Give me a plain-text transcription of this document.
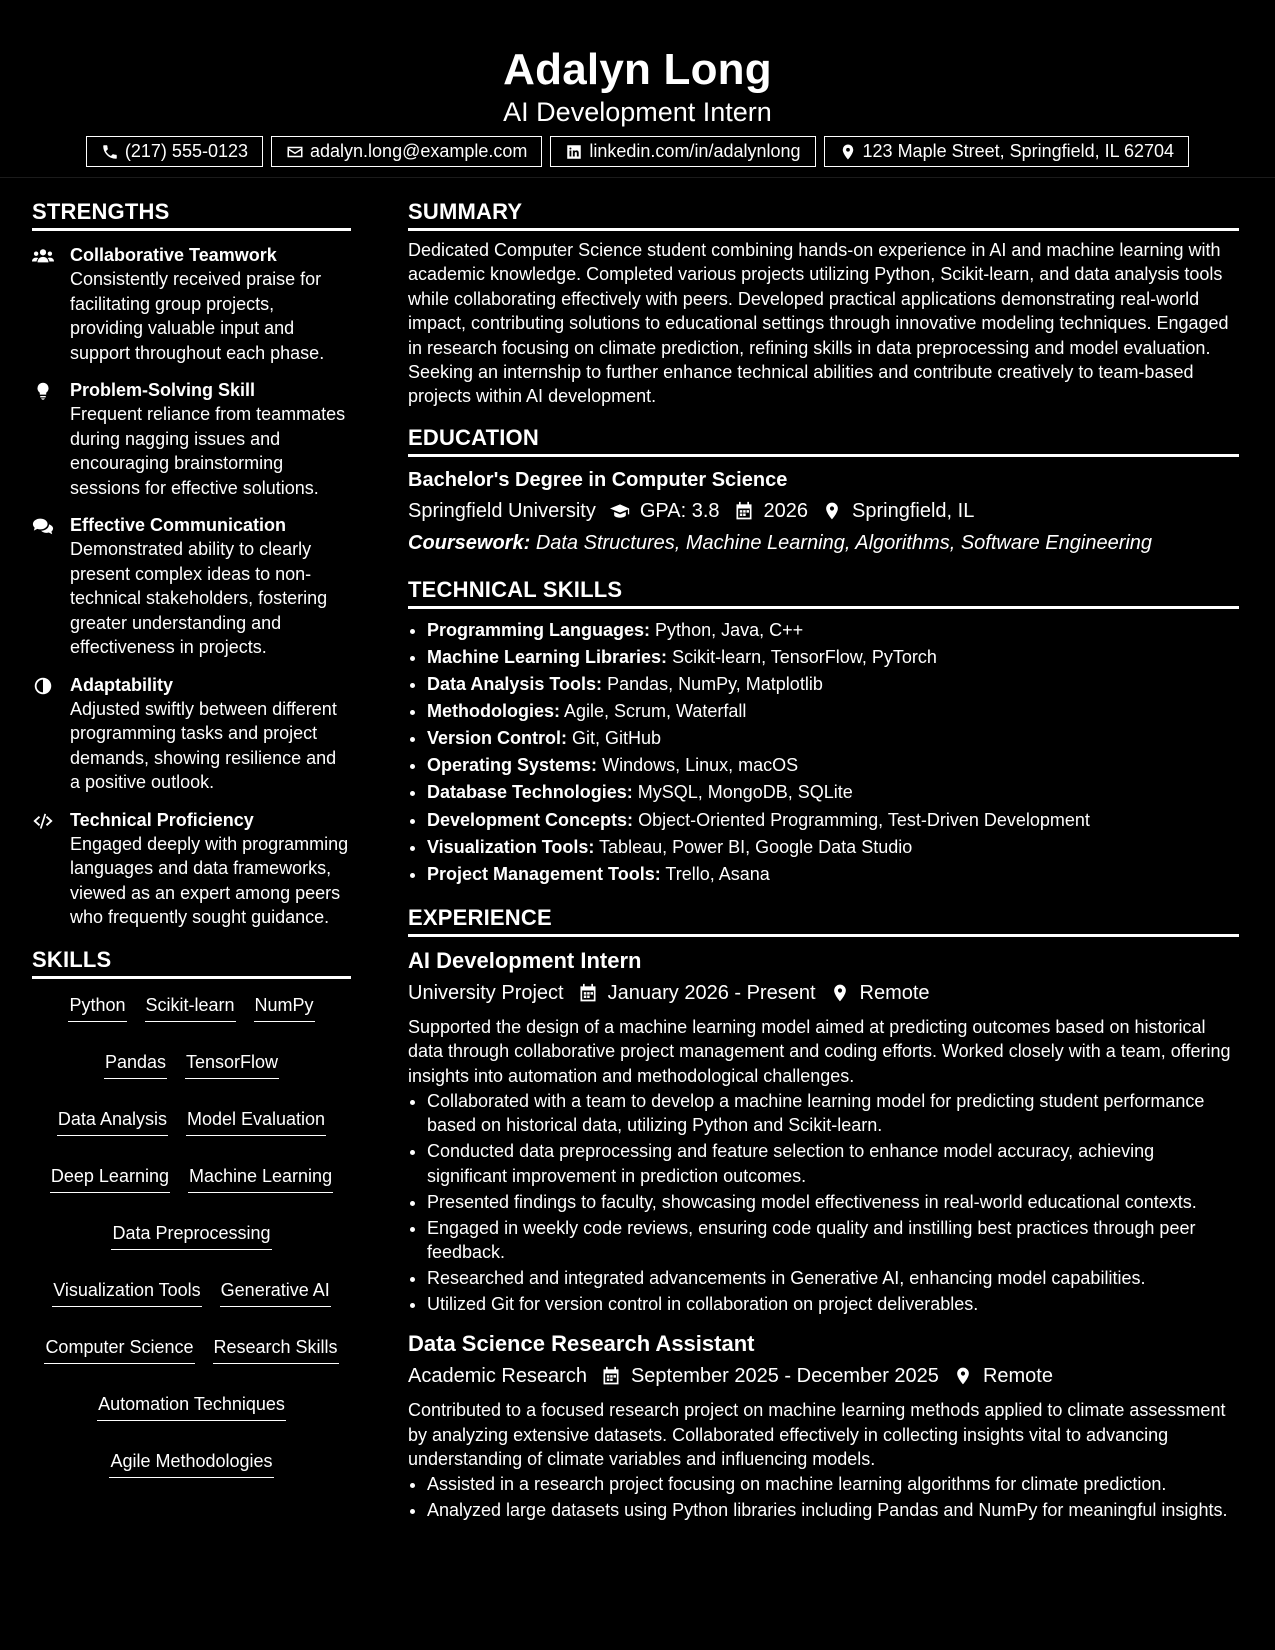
Adalyn Long
AI Development Intern
(217) 555-0123	adalyn.long@example.com	linkedin.com/in/adalynlong	123 Maple Street, Springfield, IL 62704
STRENGTHS
Collaborative Teamwork
Consistently received praise for facilitating group projects, providing valuable input and support throughout each phase.
Problem-Solving Skill
Frequent reliance from teammates during nagging issues and encouraging brainstorming sessions for effective solutions.
Effective Communication
Demonstrated ability to clearly present complex ideas to non-technical stakeholders, fostering greater understanding and effectiveness in projects.
Adaptability
Adjusted swiftly between different programming tasks and project demands, showing resilience and a positive outlook.
Technical Proficiency
Engaged deeply with programming languages and data frameworks, viewed as an expert among peers who frequently sought guidance.
SKILLS
Python Scikit-learn NumPy
Pandas TensorFlow
Data Analysis Model Evaluation
Deep Learning Machine Learning
Data Preprocessing
Visualization Tools Generative AI
Computer Science Research Skills
Automation Techniques
Agile Methodologies
SUMMARY
Dedicated Computer Science student combining hands-on experience in AI and machine learning with academic knowledge. Completed various projects utilizing Python, Scikit-learn, and data analysis tools while collaborating effectively with peers. Developed practical applications demonstrating real-world impact, contributing solutions to educational settings through innovative modeling techniques. Engaged in research focusing on climate prediction, refining skills in data preprocessing and model evaluation. Seeking an internship to further enhance technical abilities and contribute creatively to team-based projects within AI development.
EDUCATION
Bachelor's Degree in Computer Science
Springfield University GPA: 3.8 2026 Springfield, IL
Coursework: Data Structures, Machine Learning, Algorithms, Software Engineering
TECHNICAL SKILLS
• Programming Languages: Python, Java, C++
• Machine Learning Libraries: Scikit-learn, TensorFlow, PyTorch
• Data Analysis Tools: Pandas, NumPy, Matplotlib
• Methodologies: Agile, Scrum, Waterfall
• Version Control: Git, GitHub
• Operating Systems: Windows, Linux, macOS
• Database Technologies: MySQL, MongoDB, SQLite
• Development Concepts: Object-Oriented Programming, Test-Driven Development
• Visualization Tools: Tableau, Power BI, Google Data Studio
• Project Management Tools: Trello, Asana
EXPERIENCE
AI Development Intern
University Project January 2026 - Present Remote
Supported the design of a machine learning model aimed at predicting outcomes based on historical data through collaborative project management and coding efforts. Worked closely with a team, offering insights into automation and methodological challenges.
• Collaborated with a team to develop a machine learning model for predicting student performance based on historical data, utilizing Python and Scikit-learn.
• Conducted data preprocessing and feature selection to enhance model accuracy, achieving significant improvement in prediction outcomes.
• Presented findings to faculty, showcasing model effectiveness in real-world educational contexts.
• Engaged in weekly code reviews, ensuring code quality and instilling best practices through peer feedback.
• Researched and integrated advancements in Generative AI, enhancing model capabilities.
• Utilized Git for version control in collaboration on project deliverables.
Data Science Research Assistant
Academic Research September 2025 - December 2025 Remote
Contributed to a focused research project on machine learning methods applied to climate assessment by analyzing extensive datasets. Collaborated effectively in collecting insights vital to advancing understanding of climate variables and influencing models.
• Assisted in a research project focusing on machine learning algorithms for climate prediction.
• Analyzed large datasets using Python libraries including Pandas and NumPy for meaningful insights.
